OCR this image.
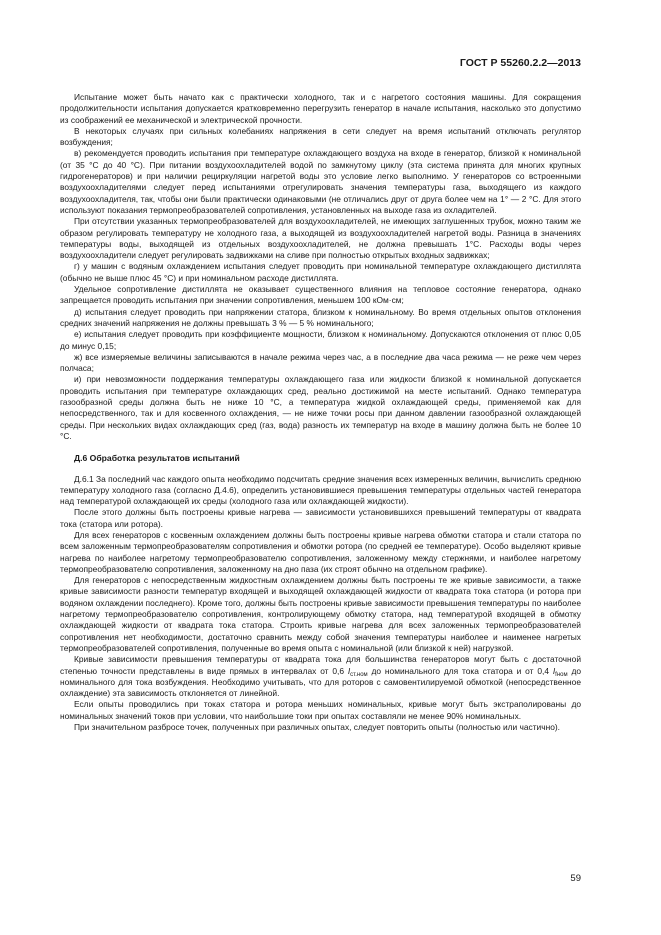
ГОСТ Р 55260.2.2—2013

Испытание может быть начато как с практически холодного, так и с нагретого состояния машины. Для сокращения продолжительности испытания допускается кратковременно перегрузить генератор в начале испытания, насколько это допустимо из соображений ее механической и электрической прочности.

В некоторых случаях при сильных колебаниях напряжения в сети следует на время испытаний отключать регулятор возбуждения;

в) рекомендуется проводить испытания при температуре охлаждающего воздуха на входе в генератор, близкой к номинальной (от 35 °С до 40 °С). При питании воздухоохладителей водой по замкнутому циклу (эта система принята для многих крупных гидрогенераторов) и при наличии рециркуляции нагретой воды это условие легко выполнимо. У генераторов со встроенными воздухоохладителями следует перед испытаниями отрегулировать значения температуры газа, выходящего из каждого воздухоохладителя, так, чтобы они были практически одинаковыми (не отличались друг от друга более чем на 1° — 2 °С. Для этого используют показания термопреобразователей сопротивления, установленных на выходе газа из охладителей.

При отсутствии указанных термопреобразователей для воздухоохладителей, не имеющих заглушенных трубок, можно таким же образом регулировать температуру не холодного газа, а выходящей из воздухоохладителей нагретой воды. Разница в значениях температуры воды, выходящей из отдельных воздухоохладителей, не должна превышать 1°С. Расходы воды через воздухоохладители следует регулировать задвижками на сливе при полностью открытых входных задвижках;

г) у машин с водяным охлаждением испытания следует проводить при номинальной температуре охлаждающего дистиллята (обычно не выше плюс 45 °С) и при номинальном расходе дистиллята.

Удельное сопротивление дистиллята не оказывает существенного влияния на тепловое состояние генератора, однако запрещается проводить испытания при значении сопротивления, меньшем 100 кОм·см;

д) испытания следует проводить при напряжении статора, близком к номинальному. Во время отдельных опытов отклонения средних значений напряжения не должны превышать 3 % — 5 % номинального;

е) испытания следует проводить при коэффициенте мощности, близком к номинальному. Допускаются отклонения от плюс 0,05 до минус 0,15;

ж) все измеряемые величины записываются в начале режима через час, а в последние два часа режима — не реже чем через полчаса;

и) при невозможности поддержания температуры охлаждающего газа или жидкости близкой к номинальной допускается проводить испытания при температуре охлаждающих сред, реально достижимой на месте испытаний. Однако температура газообразной среды должна быть не ниже 10 °С, а температура жидкой охлаждающей среды, применяемой как для непосредственного, так и для косвенного охлаждения, — не ниже точки росы при данном давлении газообразной охлаждающей среды. При нескольких видах охлаждающих сред (газ, вода) разность их температур на входе в машину должна быть не более 10 °С.

Д.6 Обработка результатов испытаний

Д.6.1 За последний час каждого опыта необходимо подсчитать средние значения всех измеренных величин, вычислить среднюю температуру холодного газа (согласно Д.4.6), определить установившиеся превышения температуры отдельных частей генератора над температурой охлаждающей их среды (холодного газа или охлаждающей жидкости).

После этого должны быть построены кривые нагрева — зависимости установившихся превышений температуры от квадрата тока (статора или ротора).

Для всех генераторов с косвенным охлаждением должны быть построены кривые нагрева обмотки статора и стали статора по всем заложенным термопреобразователям сопротивления и обмотки ротора (по средней ее температуре). Особо выделяют кривые нагрева по наиболее нагретому термопреобразователю сопротивления, заложенному между стержнями, и наиболее нагретому термопреобразователю сопротивления, заложенному на дно паза (их строят обычно на отдельном графике).

Для генераторов с непосредственным жидкостным охлаждением должны быть построены те же кривые зависимости, а также кривые зависимости разности температур входящей и выходящей охлаждающей жидкости от квадрата тока статора (и ротора при водяном охлаждении последнего). Кроме того, должны быть построены кривые зависимости превышения температуры по наиболее нагретому термопреобразователю сопротивления, контролирующему обмотку статора, над температурой входящей в обмотку охлаждающей жидкости от квадрата тока статора. Строить кривые нагрева для всех заложенных термопреобразователей сопротивления нет необходимости, достаточно сравнить между собой значения температуры наиболее и наименее нагретых термопреобразователей сопротивления, полученные во время опыта с номинальной (или близкой к ней) нагрузкой.

Кривые зависимости превышения температуры от квадрата тока для большинства генераторов могут быть с достаточной степенью точности представлены в виде прямых в интервалах от 0,6 $I_{ст.ном}$ до номинального для тока статора и от 0,4 $I_{fном}$ до номинального для тока возбуждения. Необходимо учитывать, что для роторов с самовентилируемой обмоткой (непосредственное охлаждение) эта зависимость отклоняется от линейной.

Если опыты проводились при токах статора и ротора меньших номинальных, кривые могут быть экстраполированы до номинальных значений токов при условии, что наибольшие токи при опытах составляли не менее 90% номинальных.

При значительном разбросе точек, полученных при различных опытах, следует повторить опыты (полностью или частично).

59
